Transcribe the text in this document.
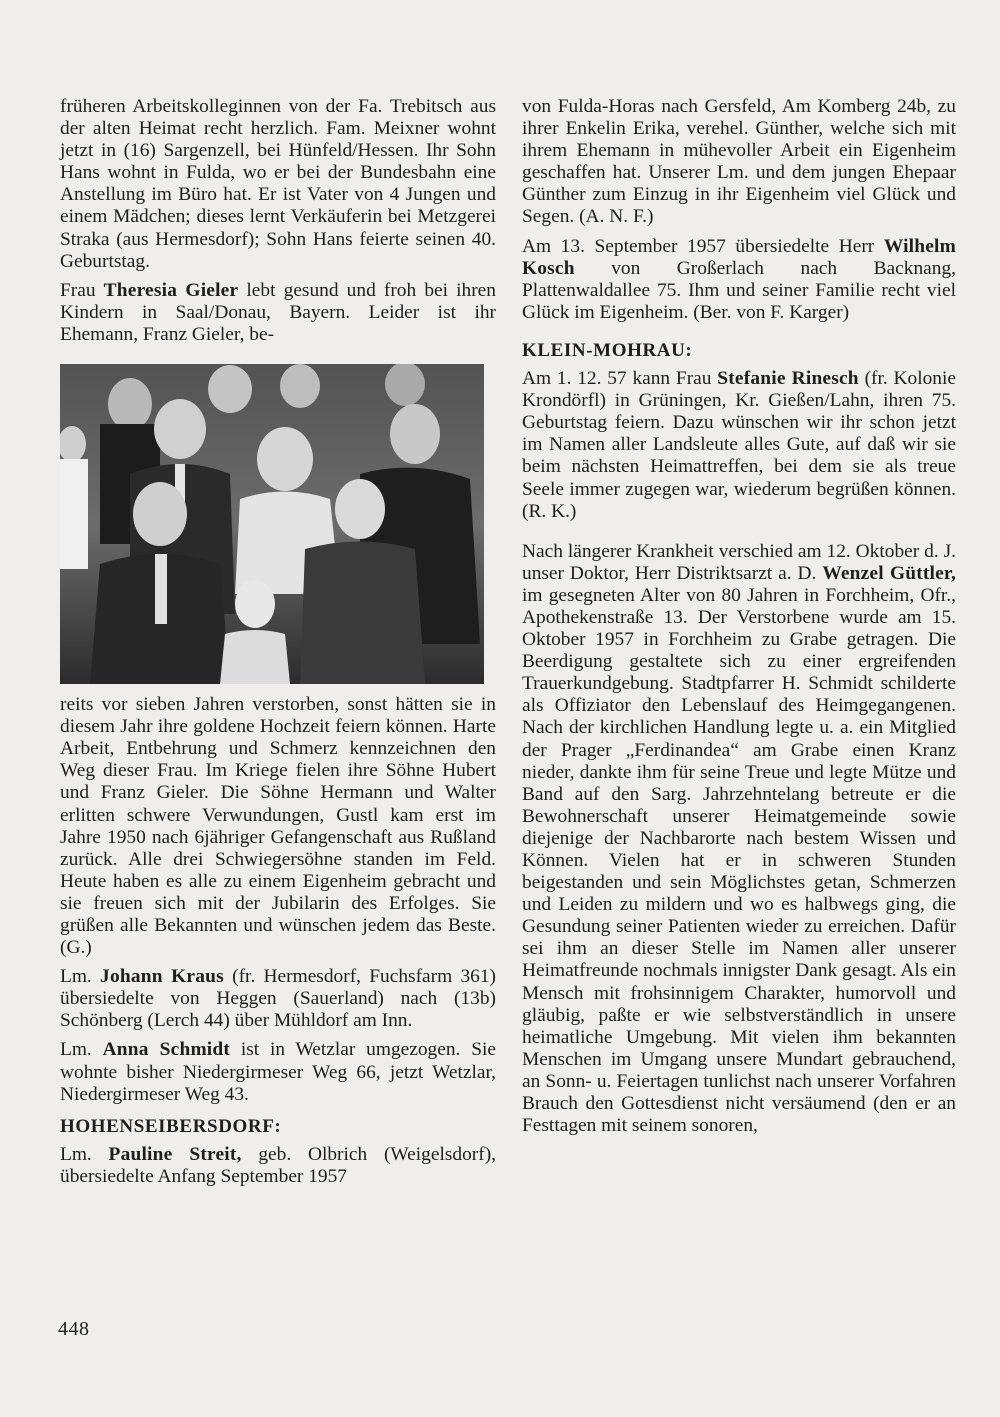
früheren Arbeitskolleginnen von der Fa. Trebitsch aus der alten Heimat recht herzlich. Fam. Meixner wohnt jetzt in (16) Sargenzell, bei Hünfeld/Hessen. Ihr Sohn Hans wohnt in Fulda, wo er bei der Bundesbahn eine Anstellung im Büro hat. Er ist Vater von 4 Jungen und einem Mädchen; dieses lernt Verkäuferin bei Metzgerei Straka (aus Hermesdorf); Sohn Hans feierte seinen 40. Geburtstag.

Frau Theresia Gieler lebt gesund und froh bei ihren Kindern in Saal/Donau, Bayern. Leider ist ihr Ehemann, Franz Gieler, be-

reits vor sieben Jahren verstorben, sonst hätten sie in diesem Jahr ihre goldene Hochzeit feiern können. Harte Arbeit, Entbehrung und Schmerz kennzeichnen den Weg dieser Frau. Im Kriege fielen ihre Söhne Hubert und Franz Gieler. Die Söhne Hermann und Walter erlitten schwere Verwundungen, Gustl kam erst im Jahre 1950 nach 6jähriger Gefangenschaft aus Rußland zurück. Alle drei Schwiegersöhne standen im Feld. Heute haben es alle zu einem Eigenheim gebracht und sie freuen sich mit der Jubilarin des Erfolges. Sie grüßen alle Bekannten und wünschen jedem das Beste. (G.)

Lm. Johann Kraus (fr. Hermesdorf, Fuchsfarm 361) übersiedelte von Heggen (Sauerland) nach (13b) Schönberg (Lerch 44) über Mühldorf am Inn.

Lm. Anna Schmidt ist in Wetzlar umgezogen. Sie wohnte bisher Niedergirmeser Weg 66, jetzt Wetzlar, Niedergirmeser Weg 43.

HOHENSEIBERSDORF:

Lm. Pauline Streit, geb. Olbrich (Weigelsdorf), übersiedelte Anfang September 1957

von Fulda-Horas nach Gersfeld, Am Komberg 24b, zu ihrer Enkelin Erika, verehel. Günther, welche sich mit ihrem Ehemann in mühevoller Arbeit ein Eigenheim geschaffen hat. Unserer Lm. und dem jungen Ehepaar Günther zum Einzug in ihr Eigenheim viel Glück und Segen. (A. N. F.)

Am 13. September 1957 übersiedelte Herr Wilhelm Kosch von Großerlach nach Backnang, Plattenwaldallee 75. Ihm und seiner Familie recht viel Glück im Eigenheim. (Ber. von F. Karger)

KLEIN-MOHRAU:

Am 1. 12. 57 kann Frau Stefanie Rinesch (fr. Kolonie Krondörfl) in Grüningen, Kr. Gießen/Lahn, ihren 75. Geburtstag feiern. Dazu wünschen wir ihr schon jetzt im Namen aller Landsleute alles Gute, auf daß wir sie beim nächsten Heimattreffen, bei dem sie als treue Seele immer zugegen war, wiederum begrüßen können. (R. K.)

Nach längerer Krankheit verschied am 12. Oktober d. J. unser Doktor, Herr Distriktsarzt a. D. Wenzel Güttler, im gesegneten Alter von 80 Jahren in Forchheim, Ofr., Apothekenstraße 13. Der Verstorbene wurde am 15. Oktober 1957 in Forchheim zu Grabe getragen. Die Beerdigung gestaltete sich zu einer ergreifenden Trauerkundgebung. Stadtpfarrer H. Schmidt schilderte als Offiziator den Lebenslauf des Heimgegangenen. Nach der kirchlichen Handlung legte u. a. ein Mitglied der Prager „Ferdinandea“ am Grabe einen Kranz nieder, dankte ihm für seine Treue und legte Mütze und Band auf den Sarg. Jahrzehntelang betreute er die Bewohnerschaft unserer Heimatgemeinde sowie diejenige der Nachbarorte nach bestem Wissen und Können. Vielen hat er in schweren Stunden beigestanden und sein Möglichstes getan, Schmerzen und Leiden zu mildern und wo es halbwegs ging, die Gesundung seiner Patienten wieder zu erreichen. Dafür sei ihm an dieser Stelle im Namen aller unserer Heimatfreunde nochmals innigster Dank gesagt. Als ein Mensch mit frohsinnigem Charakter, humorvoll und gläubig, paßte er wie selbstverständlich in unsere heimatliche Umgebung. Mit vielen ihm bekannten Menschen im Umgang unsere Mundart gebrauchend, an Sonn- u. Feiertagen tunlichst nach unserer Vorfahren Brauch den Gottesdienst nicht versäumend (den er an Festtagen mit seinem sonoren,

448
